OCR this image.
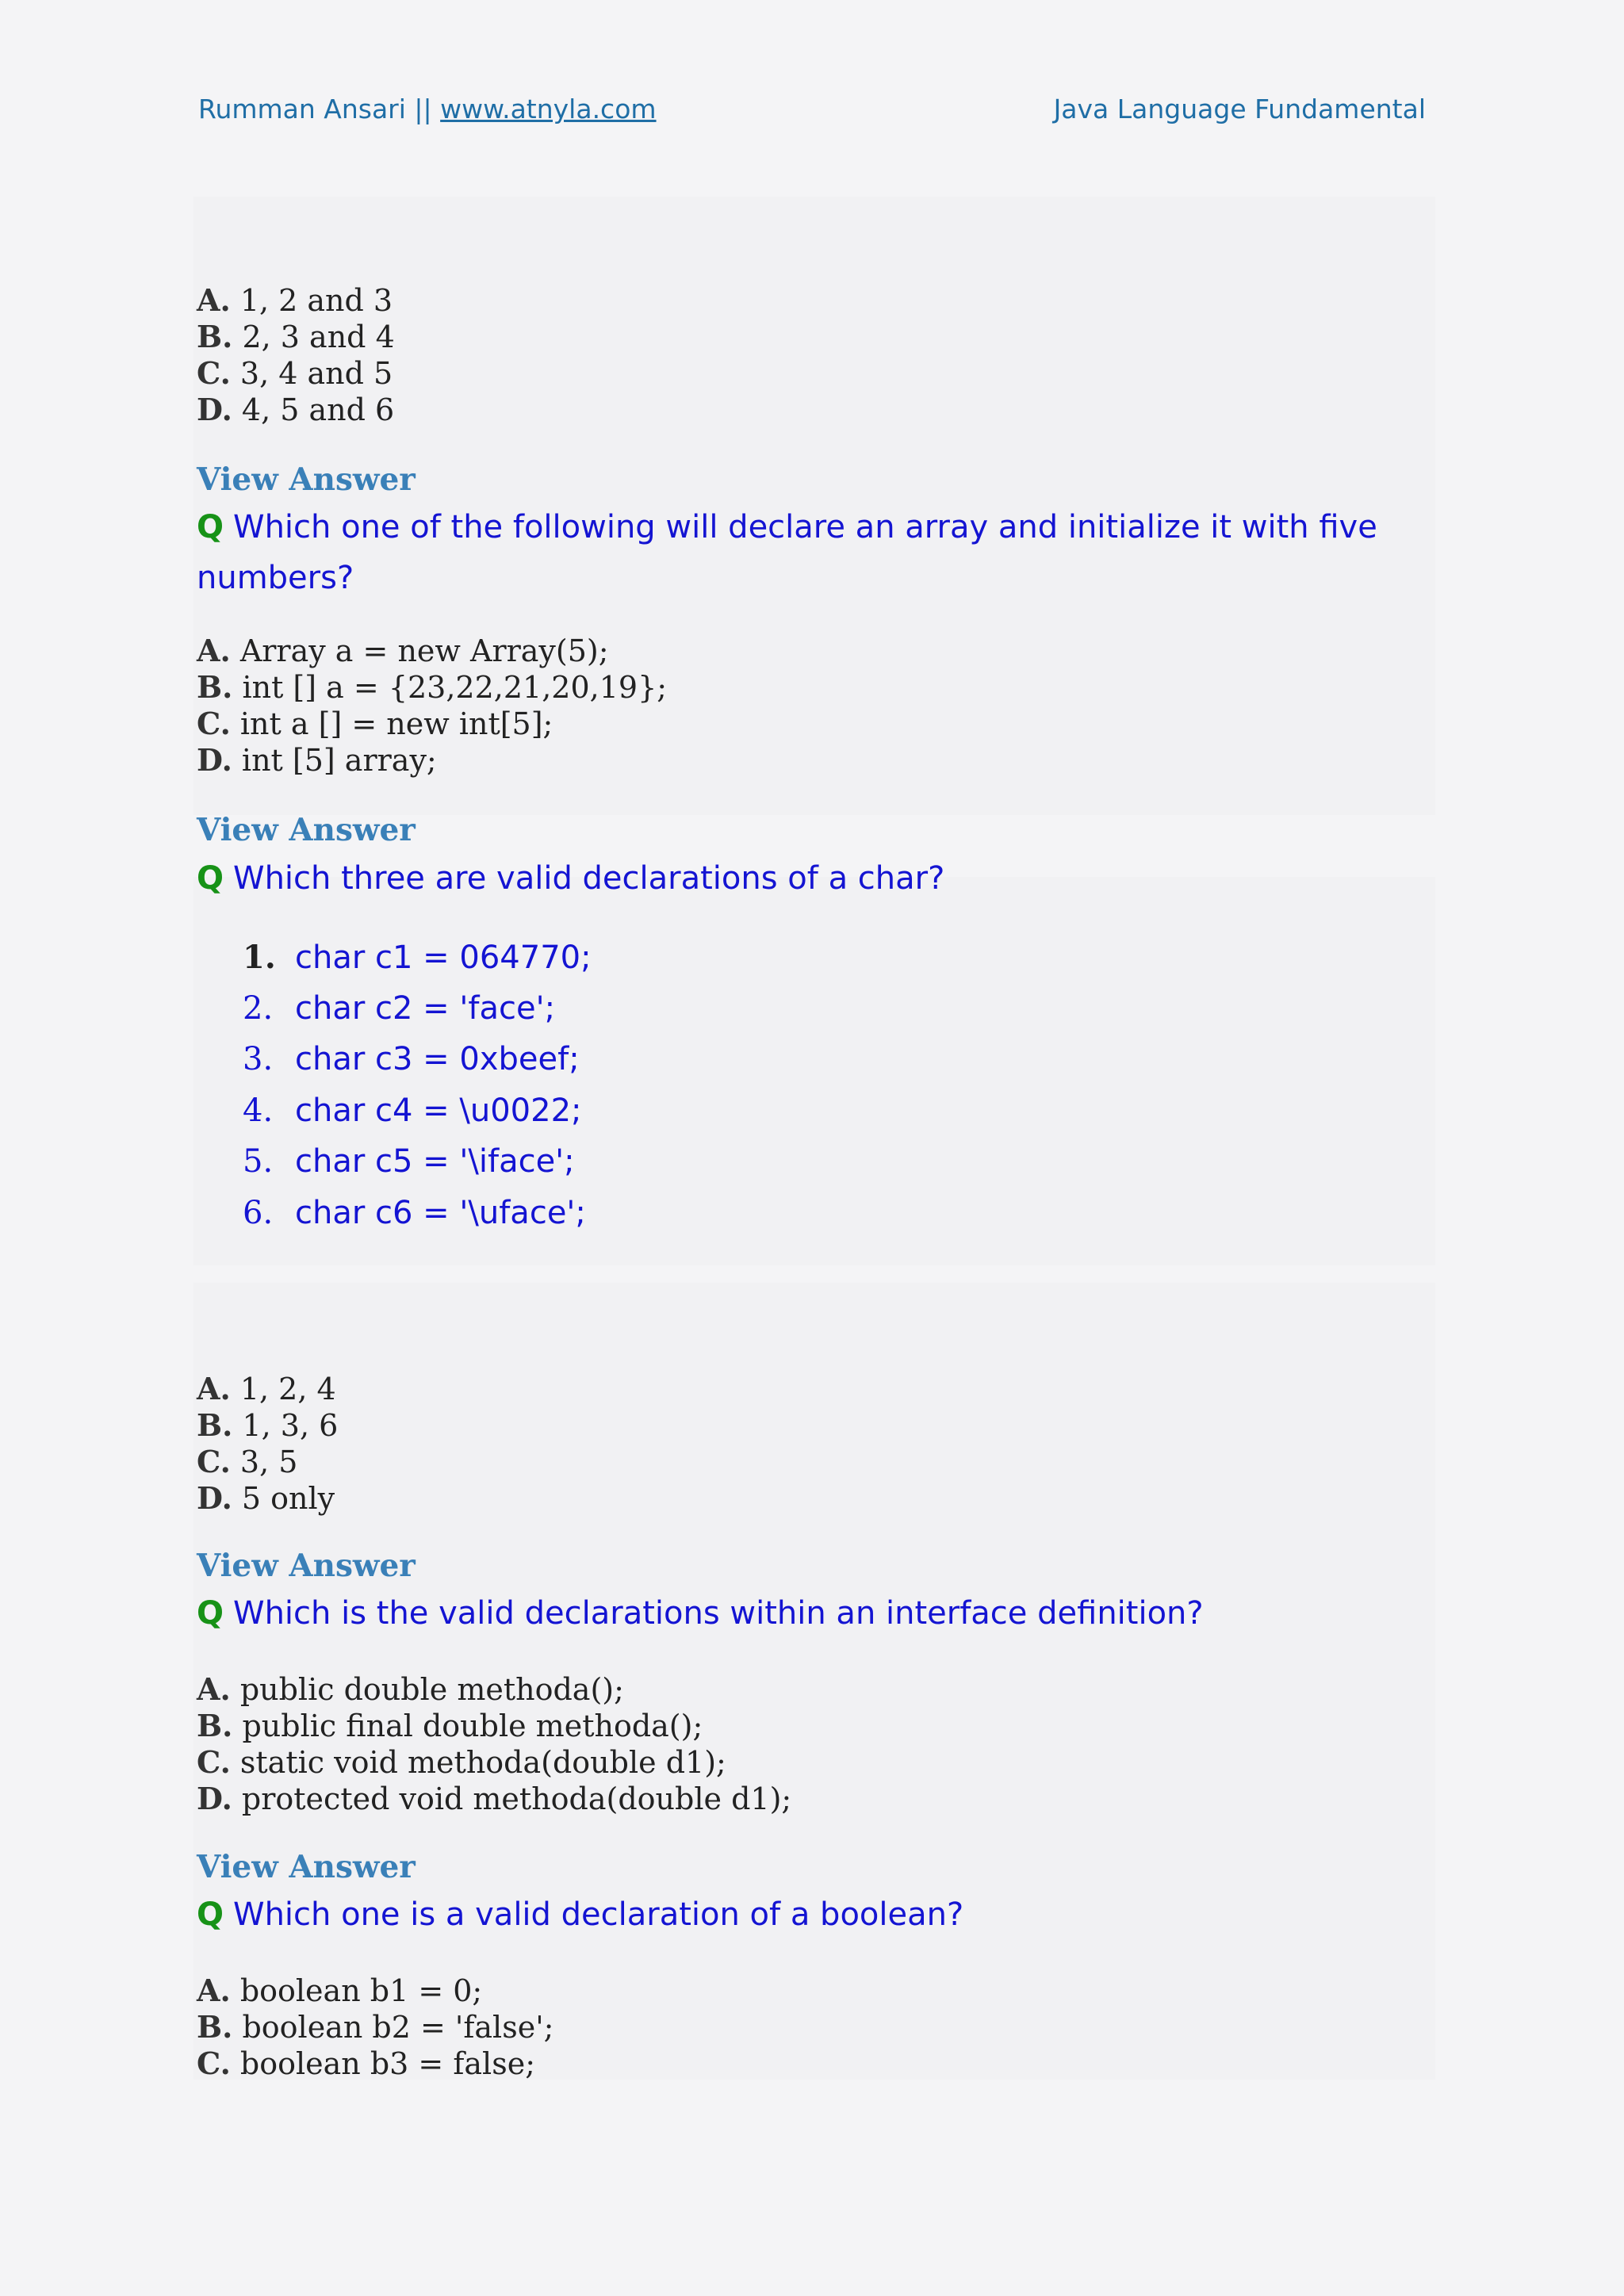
Rumman Ansari || www.atnyla.com	Java Language Fundamental
A. 1, 2 and 3
B. 2, 3 and 4
C. 3, 4 and 5
D. 4, 5 and 6
View Answer
Q Which one of the following will declare an array and initialize it with five numbers?
A. Array a = new Array(5);
B. int [] a = {23,22,21,20,19};
C. int a [] = new int[5];
D. int [5] array;
View Answer
Q Which three are valid declarations of a char?
1. char c1 = 064770;
2. char c2 = 'face';
3. char c3 = 0xbeef;
4. char c4 = \u0022;
5. char c5 = '\iface';
6. char c6 = '\uface';
A. 1, 2, 4
B. 1, 3, 6
C. 3, 5
D. 5 only
View Answer
Q Which is the valid declarations within an interface definition?
A. public double methoda();
B. public final double methoda();
C. static void methoda(double d1);
D. protected void methoda(double d1);
View Answer
Q Which one is a valid declaration of a boolean?
A. boolean b1 = 0;
B. boolean b2 = 'false';
C. boolean b3 = false;
